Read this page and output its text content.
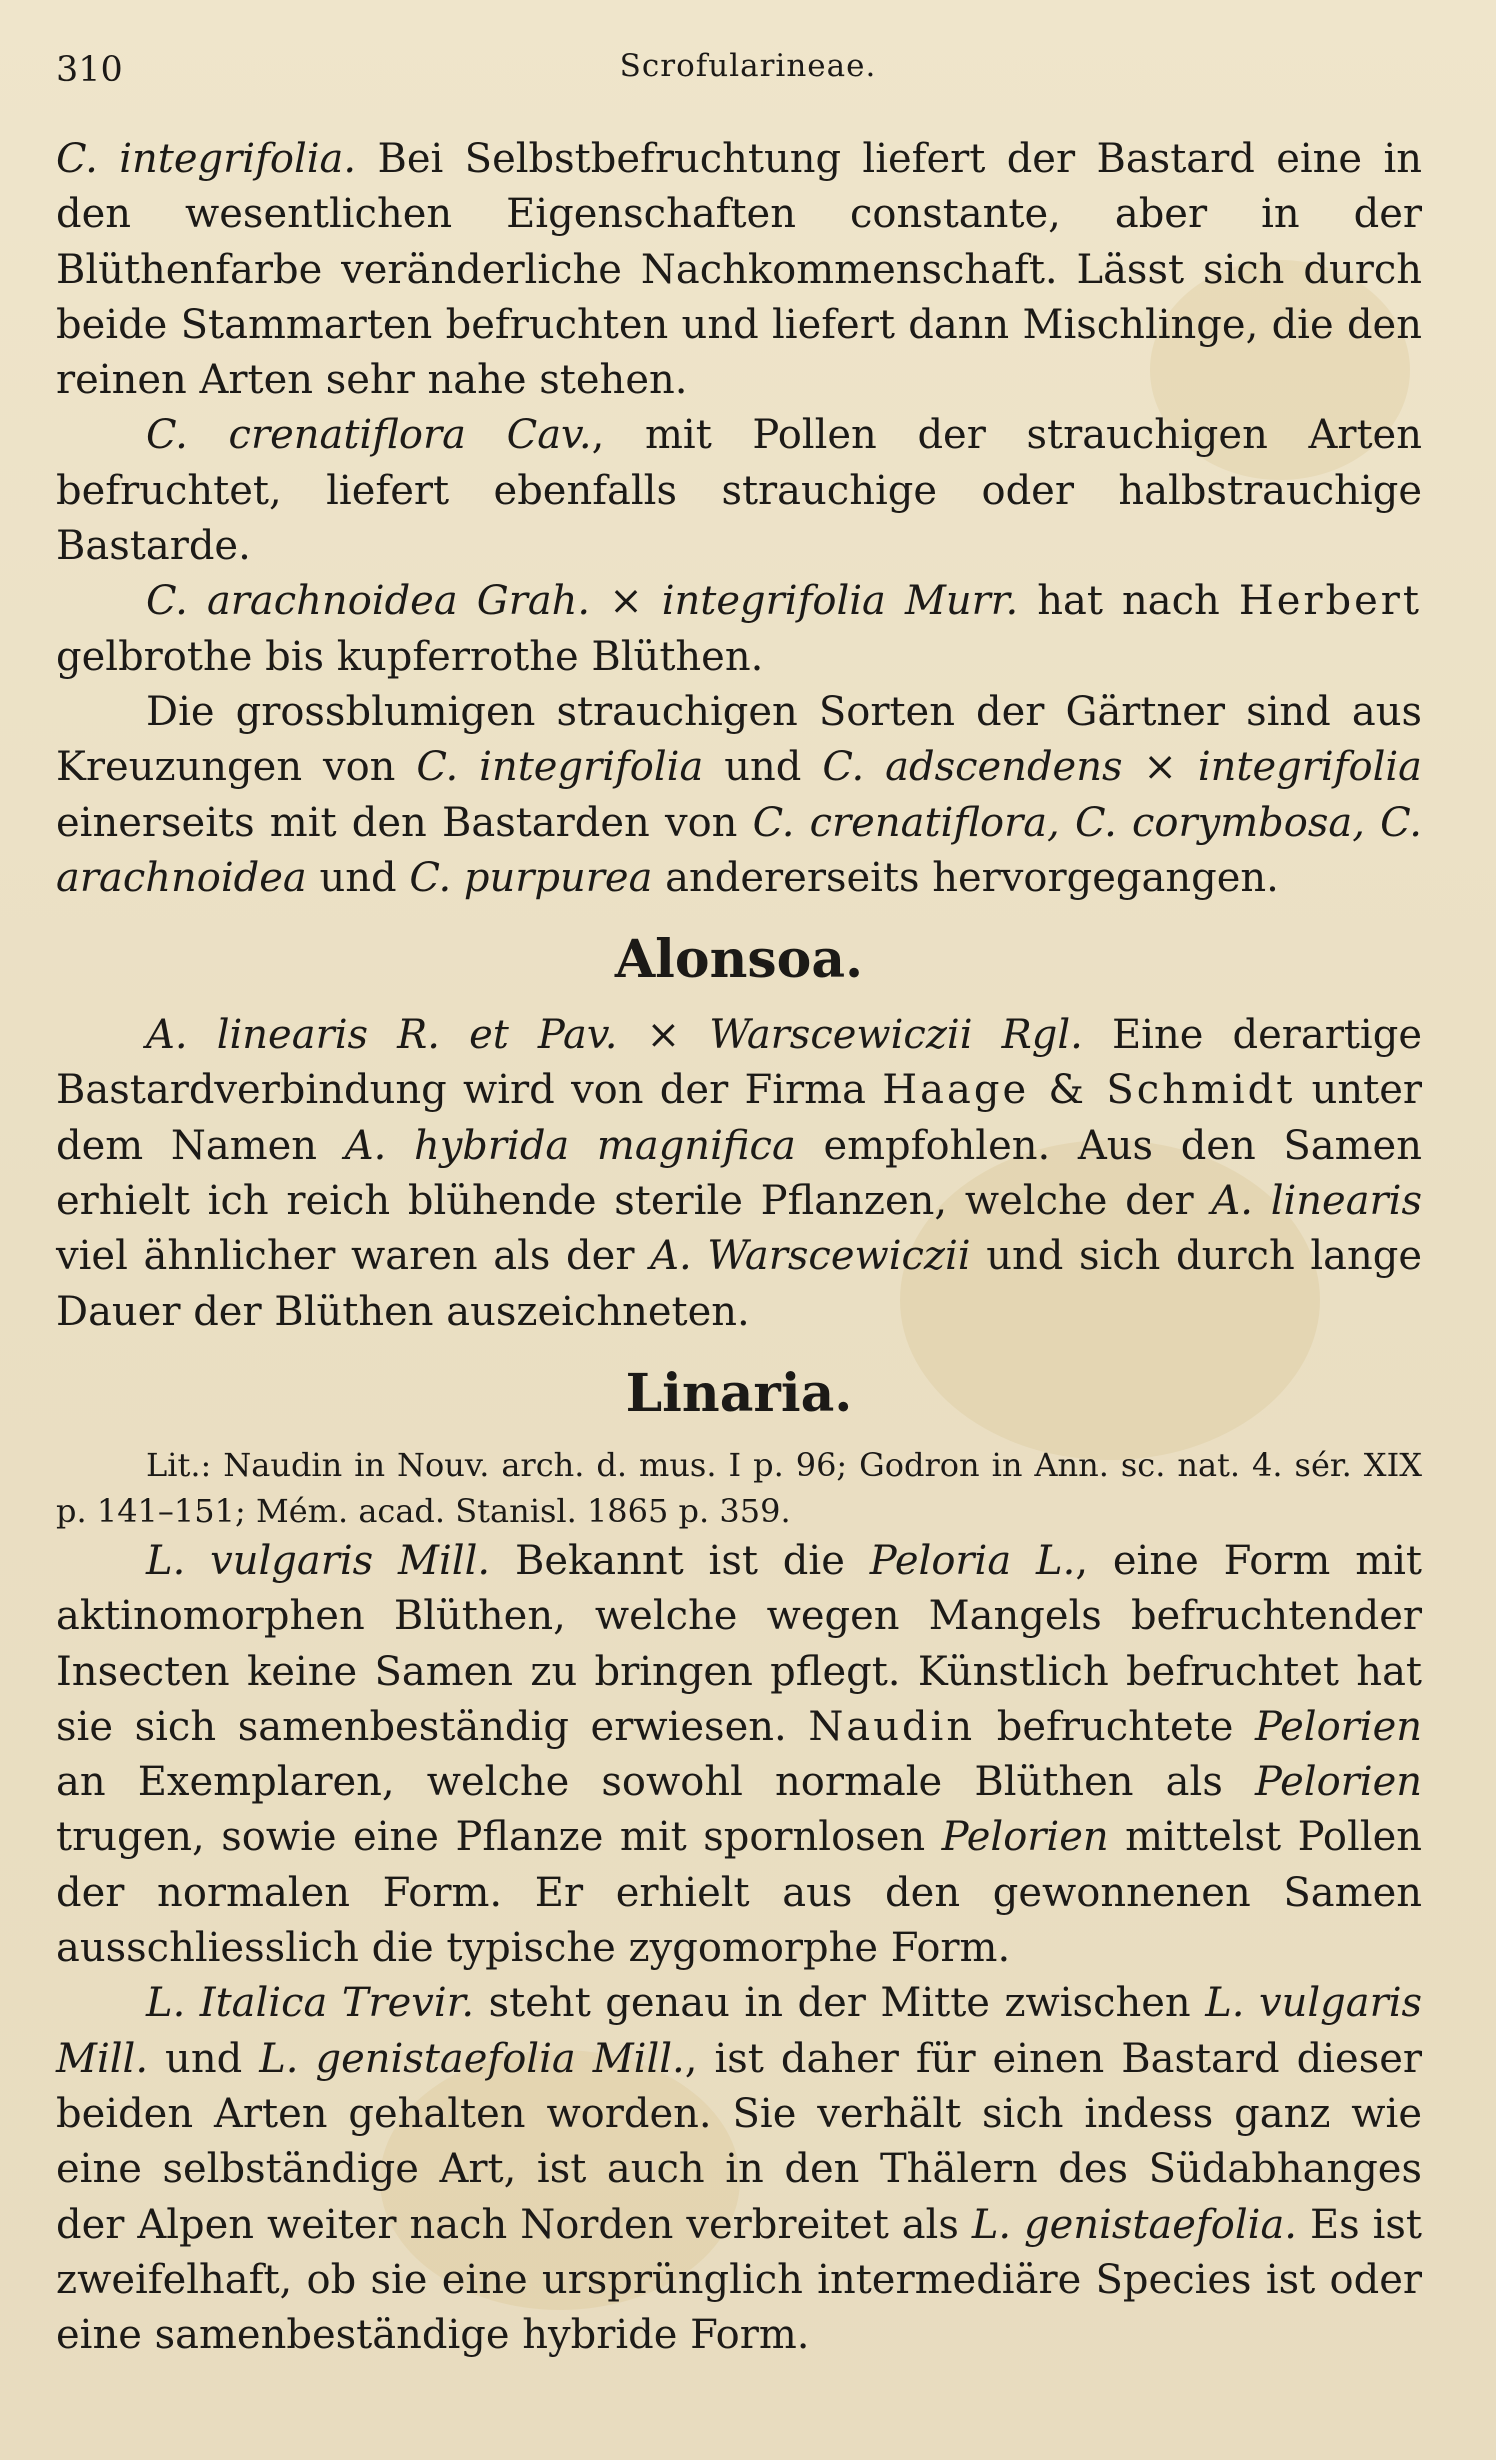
310	Scrofularineae.

C. integrifolia. Bei Selbstbefruchtung liefert der Bastard eine in den wesentlichen Eigenschaften constante, aber in der Blüthenfarbe veränderliche Nachkommenschaft. Lässt sich durch beide Stammarten befruchten und liefert dann Mischlinge, die den reinen Arten sehr nahe stehen.

C. crenatiflora Cav., mit Pollen der strauchigen Arten befruchtet, liefert ebenfalls strauchige oder halbstrauchige Bastarde.

C. arachnoidea Grah. × integrifolia Murr. hat nach Herbert gelbrothe bis kupferrothe Blüthen.

Die grossblumigen strauchigen Sorten der Gärtner sind aus Kreuzungen von C. integrifolia und C. adscendens × integrifolia einerseits mit den Bastarden von C. crenatiflora, C. corymbosa, C. arachnoidea und C. purpurea andererseits hervorgegangen.

Alonsoa.

A. linearis R. et Pav. × Warscewiczii Rgl. Eine derartige Bastardverbindung wird von der Firma Haage & Schmidt unter dem Namen A. hybrida magnifica empfohlen. Aus den Samen erhielt ich reich blühende sterile Pflanzen, welche der A. linearis viel ähnlicher waren als der A. Warscewiczii und sich durch lange Dauer der Blüthen auszeichneten.

Linaria.

Lit.: Naudin in Nouv. arch. d. mus. I p. 96; Godron in Ann. sc. nat. 4. sér. XIX p. 141–151; Mém. acad. Stanisl. 1865 p. 359.

L. vulgaris Mill. Bekannt ist die Peloria L., eine Form mit aktinomorphen Blüthen, welche wegen Mangels befruchtender Insecten keine Samen zu bringen pflegt. Künstlich befruchtet hat sie sich samenbeständig erwiesen. Naudin befruchtete Pelorien an Exemplaren, welche sowohl normale Blüthen als Pelorien trugen, sowie eine Pflanze mit spornlosen Pelorien mittelst Pollen der normalen Form. Er erhielt aus den gewonnenen Samen ausschliesslich die typische zygomorphe Form.

L. Italica Trevir. steht genau in der Mitte zwischen L. vulgaris Mill. und L. genistaefolia Mill., ist daher für einen Bastard dieser beiden Arten gehalten worden. Sie verhält sich indess ganz wie eine selbständige Art, ist auch in den Thälern des Südabhanges der Alpen weiter nach Norden verbreitet als L. genistaefolia. Es ist zweifelhaft, ob sie eine ursprünglich intermediäre Species ist oder eine samenbeständige hybride Form.
